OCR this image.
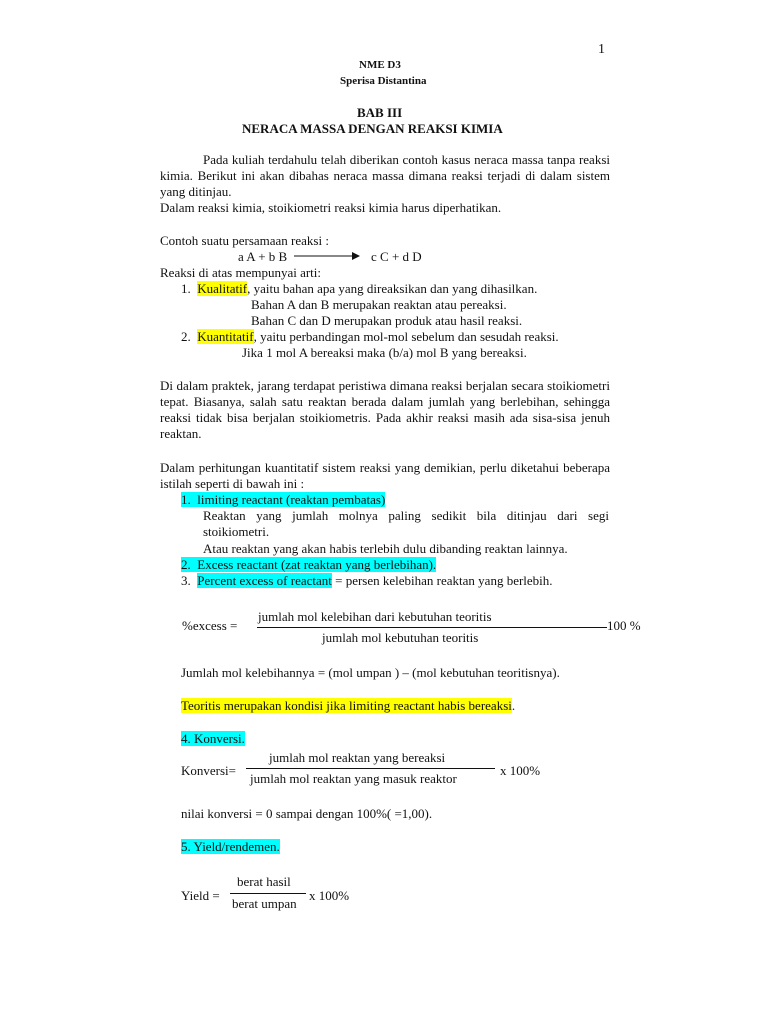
1
NME D3
Sperisa Distantina
BAB III
NERACA MASSA DENGAN REAKSI KIMIA
Pada kuliah terdahulu telah diberikan contoh kasus neraca massa tanpa reaksi kimia. Berikut ini akan dibahas neraca massa dimana reaksi terjadi di dalam sistem yang ditinjau.
Dalam reaksi kimia, stoikiometri reaksi kimia harus diperhatikan.
Contoh suatu persamaan reaksi :
a A + b B	c C + d D
Reaksi di atas mempunyai arti:
1. Kualitatif, yaitu bahan apa yang direaksikan dan yang dihasilkan.
Bahan A dan B merupakan reaktan atau pereaksi.
Bahan C dan D merupakan produk atau hasil reaksi.
2. Kuantitatif, yaitu perbandingan mol-mol sebelum dan sesudah reaksi.
Jika 1 mol A bereaksi maka (b/a) mol B yang bereaksi.
Di dalam praktek, jarang terdapat peristiwa dimana reaksi berjalan secara stoikiometri tepat. Biasanya, salah satu reaktan berada dalam jumlah yang berlebihan, sehingga reaksi tidak bisa berjalan stoikiometris. Pada akhir reaksi masih ada sisa-sisa jenuh reaktan.
Dalam perhitungan kuantitatif sistem reaksi yang demikian, perlu diketahui beberapa istilah seperti di bawah ini :
1. limiting reactant (reaktan pembatas)
Reaktan yang jumlah molnya paling sedikit bila ditinjau dari segi stoikiometri.
Atau reaktan yang akan habis terlebih dulu dibanding reaktan lainnya.
2. Excess reactant (zat reaktan yang berlebihan).
3. Percent excess of reactant = persen kelebihan reaktan yang berlebih.
%excess =
jumlah mol kelebihan dari kebutuhan teoritis
jumlah mol kebutuhan teoritis
100 %
Jumlah mol kelebihannya = (mol umpan ) – (mol kebutuhan teoritisnya).
Teoritis merupakan kondisi jika limiting reactant habis bereaksi.
4. Konversi.
jumlah mol reaktan yang bereaksi
Konversi=
jumlah mol reaktan yang masuk reaktor
x 100%
nilai konversi = 0 sampai dengan 100%( =1,00).
5. Yield/rendemen.
berat hasil
Yield =
berat umpan
x 100%
